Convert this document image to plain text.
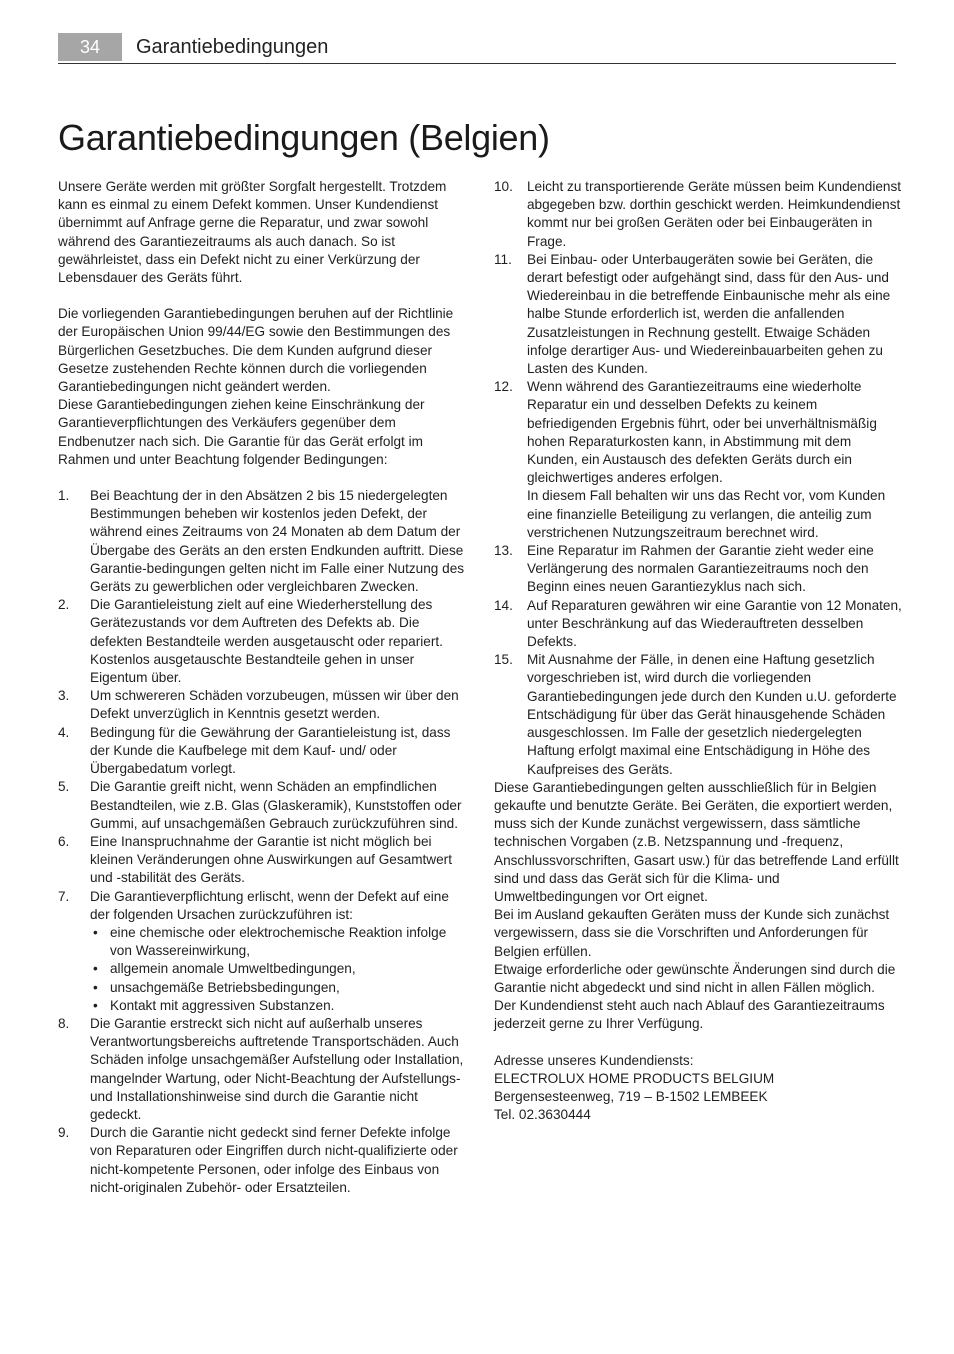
34	Garantiebedingungen
Garantiebedingungen (Belgien)

Unsere Geräte werden mit größter Sorgfalt hergestellt. Trotzdem kann es einmal zu einem Defekt kommen. Unser Kundendienst übernimmt auf Anfrage gerne die Reparatur, und zwar sowohl während des Garantiezeitraums als auch danach. So ist gewährleistet, dass ein Defekt nicht zu einer Verkürzung der Lebensdauer des Geräts führt.

Die vorliegenden Garantiebedingungen beruhen auf der Richtlinie der Europäischen Union 99/44/EG sowie den Bestimmungen des Bürgerlichen Gesetzbuches. Die dem Kunden aufgrund dieser Gesetze zustehenden Rechte können durch die vorliegenden Garantiebedingungen nicht geändert werden.

Diese Garantiebedingungen ziehen keine Einschränkung der Garantieverpflichtungen des Verkäufers gegenüber dem Endbenutzer nach sich. Die Garantie für das Gerät erfolgt im Rahmen und unter Beachtung folgender Bedingungen:

1. Bei Beachtung der in den Absätzen 2 bis 15 niedergelegten Bestimmungen beheben wir kostenlos jeden Defekt, der während eines Zeitraums von 24 Monaten ab dem Datum der Übergabe des Geräts an den ersten Endkunden auftritt. Diese Garantie-bedingungen gelten nicht im Falle einer Nutzung des Geräts zu gewerblichen oder vergleichbaren Zwecken.
2. Die Garantieleistung zielt auf eine Wiederherstellung des Gerätezustands vor dem Auftreten des Defekts ab. Die defekten Bestandteile werden ausgetauscht oder repariert. Kostenlos ausgetauschte Bestandteile gehen in unser Eigentum über.
3. Um schwereren Schäden vorzubeugen, müssen wir über den Defekt unverzüglich in Kenntnis gesetzt werden.
4. Bedingung für die Gewährung der Garantieleistung ist, dass der Kunde die Kaufbelege mit dem Kauf- und/ oder Übergabedatum vorlegt.
5. Die Garantie greift nicht, wenn Schäden an empfindlichen Bestandteilen, wie z.B. Glas (Glaskeramik), Kunststoffen oder Gummi, auf unsachgemäßen Gebrauch zurückzuführen sind.
6. Eine Inanspruchnahme der Garantie ist nicht möglich bei kleinen Veränderungen ohne Auswirkungen auf Gesamtwert und -stabilität des Geräts.
7. Die Garantieverpflichtung erlischt, wenn der Defekt auf eine der folgenden Ursachen zurückzuführen ist:
• eine chemische oder elektrochemische Reaktion infolge von Wassereinwirkung,
• allgemein anomale Umweltbedingungen,
• unsachgemäße Betriebsbedingungen,
• Kontakt mit aggressiven Substanzen.
8. Die Garantie erstreckt sich nicht auf außerhalb unseres Verantwortungsbereichs auftretende Transportschäden. Auch Schäden infolge unsachgemäßer Aufstellung oder Installation, mangelnder Wartung, oder Nicht-Beachtung der Aufstellungs- und Installationshinweise sind durch die Garantie nicht gedeckt.
9. Durch die Garantie nicht gedeckt sind ferner Defekte infolge von Reparaturen oder Eingriffen durch nicht-qualifizierte oder nicht-kompetente Personen, oder infolge des Einbaus von nicht-originalen Zubehör- oder Ersatzteilen.
10. Leicht zu transportierende Geräte müssen beim Kundendienst abgegeben bzw. dorthin geschickt werden. Heimkundendienst kommt nur bei großen Geräten oder bei Einbaugeräten in Frage.
11. Bei Einbau- oder Unterbaugeräten sowie bei Geräten, die derart befestigt oder aufgehängt sind, dass für den Aus- und Wiedereinbau in die betreffende Einbaunische mehr als eine halbe Stunde erforderlich ist, werden die anfallenden Zusatzleistungen in Rechnung gestellt. Etwaige Schäden infolge derartiger Aus- und Wiedereinbauarbeiten gehen zu Lasten des Kunden.
12. Wenn während des Garantiezeitraums eine wiederholte Reparatur ein und desselben Defekts zu keinem befriedigenden Ergebnis führt, oder bei unverhältnismäßig hohen Reparaturkosten kann, in Abstimmung mit dem Kunden, ein Austausch des defekten Geräts durch ein gleichwertiges anderes erfolgen.

In diesem Fall behalten wir uns das Recht vor, vom Kunden eine finanzielle Beteiligung zu verlangen, die anteilig zum verstrichenen Nutzungszeitraum berechnet wird.

13. Eine Reparatur im Rahmen der Garantie zieht weder eine Verlängerung des normalen Garantiezeitraums noch den Beginn eines neuen Garantiezyklus nach sich.
14. Auf Reparaturen gewähren wir eine Garantie von 12 Monaten, unter Beschränkung auf das Wiederauftreten desselben Defekts.
15. Mit Ausnahme der Fälle, in denen eine Haftung gesetzlich vorgeschrieben ist, wird durch die vorliegenden Garantiebedingungen jede durch den Kunden u.U. geforderte Entschädigung für über das Gerät hinausgehende Schäden ausgeschlossen. Im Falle der gesetzlich niedergelegten Haftung erfolgt maximal eine Entschädigung in Höhe des Kaufpreises des Geräts.

Diese Garantiebedingungen gelten ausschließlich für in Belgien gekaufte und benutzte Geräte. Bei Geräten, die exportiert werden, muss sich der Kunde zunächst vergewissern, dass sämtliche technischen Vorgaben (z.B. Netzspannung und -frequenz, Anschlussvorschriften, Gasart usw.) für das betreffende Land erfüllt sind und dass das Gerät sich für die Klima- und Umweltbedingungen vor Ort eignet.

Bei im Ausland gekauften Geräten muss der Kunde sich zunächst vergewissern, dass sie die Vorschriften und Anforderungen für Belgien erfüllen.

Etwaige erforderliche oder gewünschte Änderungen sind durch die Garantie nicht abgedeckt und sind nicht in allen Fällen möglich.

Der Kundendienst steht auch nach Ablauf des Garantiezeitraums jederzeit gerne zu Ihrer Verfügung.

Adresse unseres Kundendiensts:

ELECTROLUX HOME PRODUCTS BELGIUM

Bergensesteenweg, 719 – B-1502 LEMBEEK

Tel. 02.3630444
